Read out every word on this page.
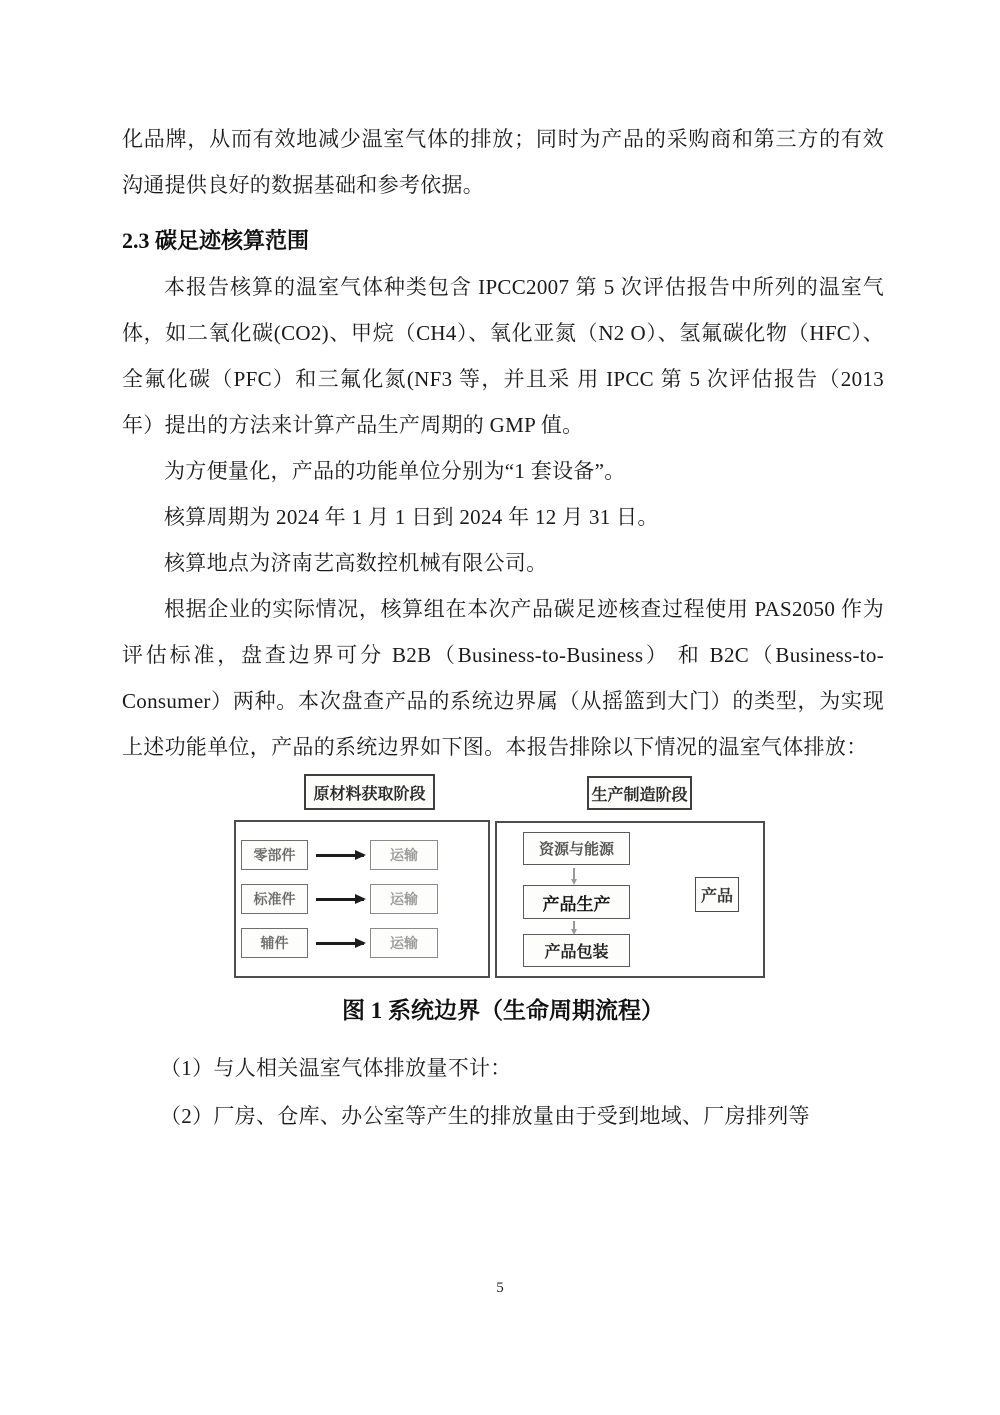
化品牌，从而有效地减少温室气体的排放；同时为产品的采购商和第三方的有效沟通提供良好的数据基础和参考依据。

2.3 碳足迹核算范围

本报告核算的温室气体种类包含 IPCC2007 第 5 次评估报告中所列的温室气体，如二氧化碳(CO2)、甲烷（CH4）、氧化亚氮（N2 O）、氢氟碳化物（HFC）、全氟化碳（PFC）和三氟化氮(NF3 等，并且采 用 IPCC 第 5 次评估报告（2013 年）提出的方法来计算产品生产周期的 GMP 值。

为方便量化，产品的功能单位分别为“1 套设备”。

核算周期为 2024 年 1 月 1 日到 2024 年 12 月 31 日。

核算地点为济南艺高数控机械有限公司。

根据企业的实际情况，核算组在本次产品碳足迹核查过程使用 PAS2050 作为评估标准，盘查边界可分 B2B（Business-to-Business） 和 B2C（Business-to-Consumer）两种。本次盘查产品的系统边界属（从摇篮到大门）的类型，为实现上述功能单位，产品的系统边界如下图。本报告排除以下情况的温室气体排放：

原材料获取阶段	生产制造阶段
零部件	运输
标准件	运输
辅件	运输
资源与能源
产品生产
产品包装
产品
图 1 系统边界（生命周期流程）

（1）与人相关温室气体排放量不计：

（2）厂房、仓库、办公室等产生的排放量由于受到地域、厂房排列等

5
